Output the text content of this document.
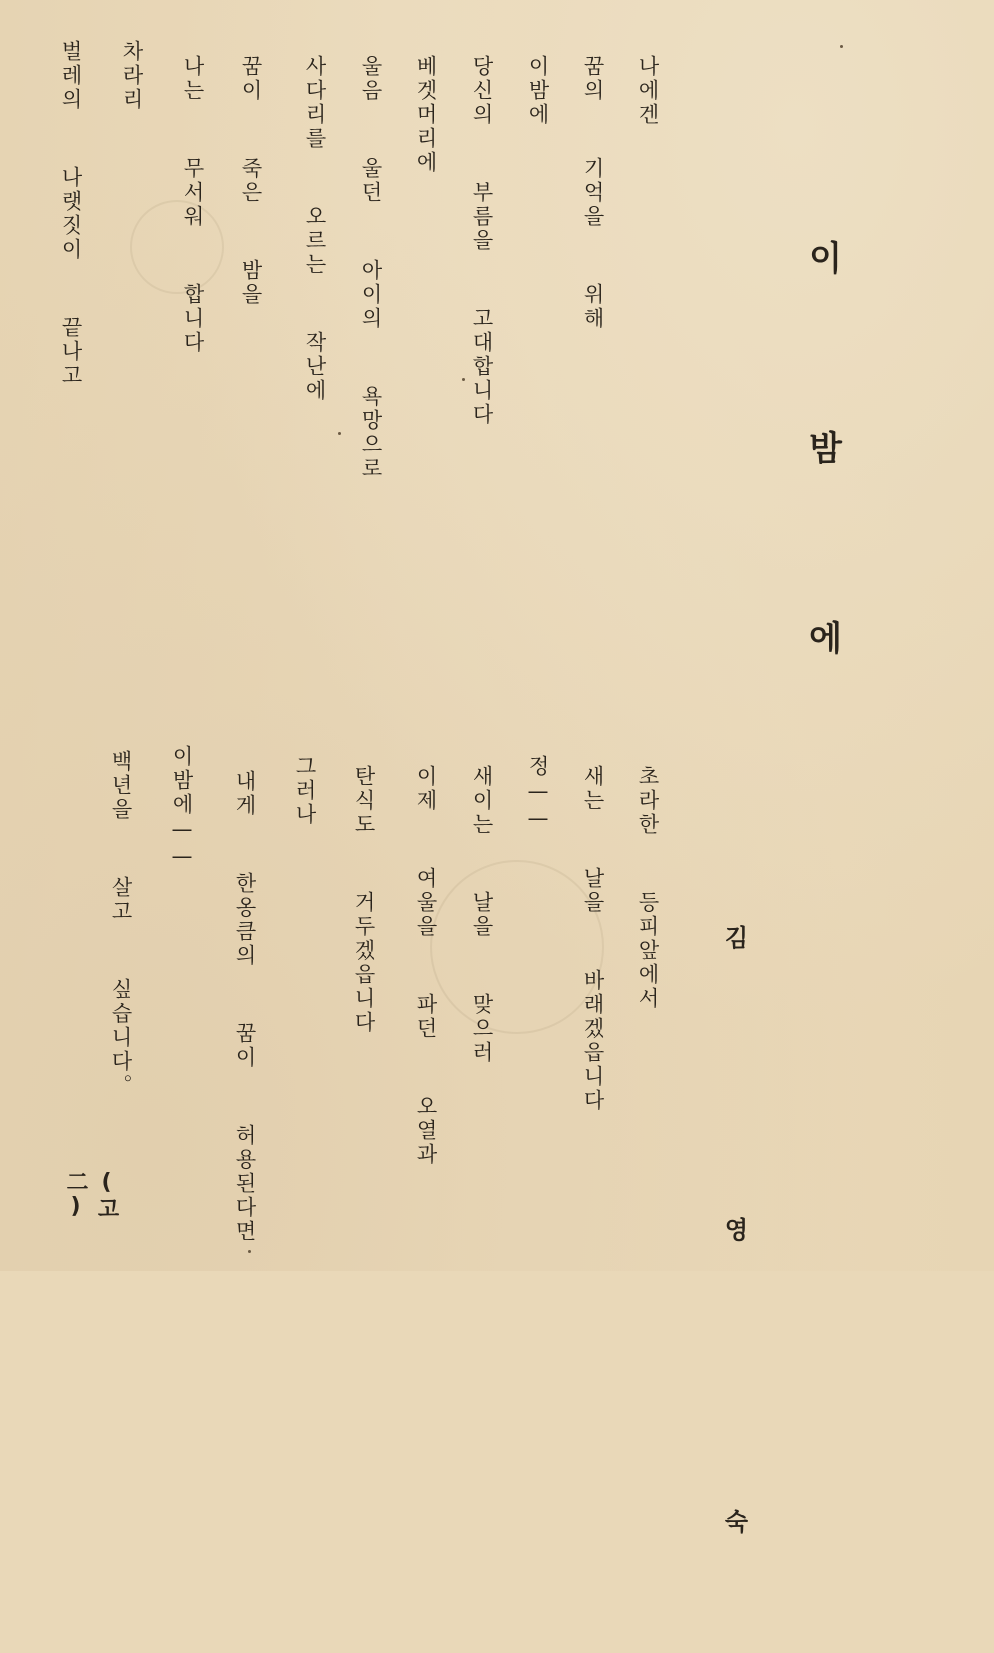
이 밤 에
김 영 숙
나에겐
꿈의  기억을  위해
이밤에
당신의  부름을  고대합니다
베겟머리에
울음  울던  아이의  욕망으로
사다리를  오르는  작난에
꿈이  죽은  밤을
나는  무서워  합니다
차라리
벌레의  나랫짓이  끝나고
초라한  등피앞에서
새는  날을  바래겠읍니다
정——
새이는  날을  맞으러
이제  여울을  파던  오열과
탄식도  거두겠읍니다
그러나
내게  한옹큼의  꿈이  허용된다면
이밤에——
백년을  살고  싶습니다。
(고二)
